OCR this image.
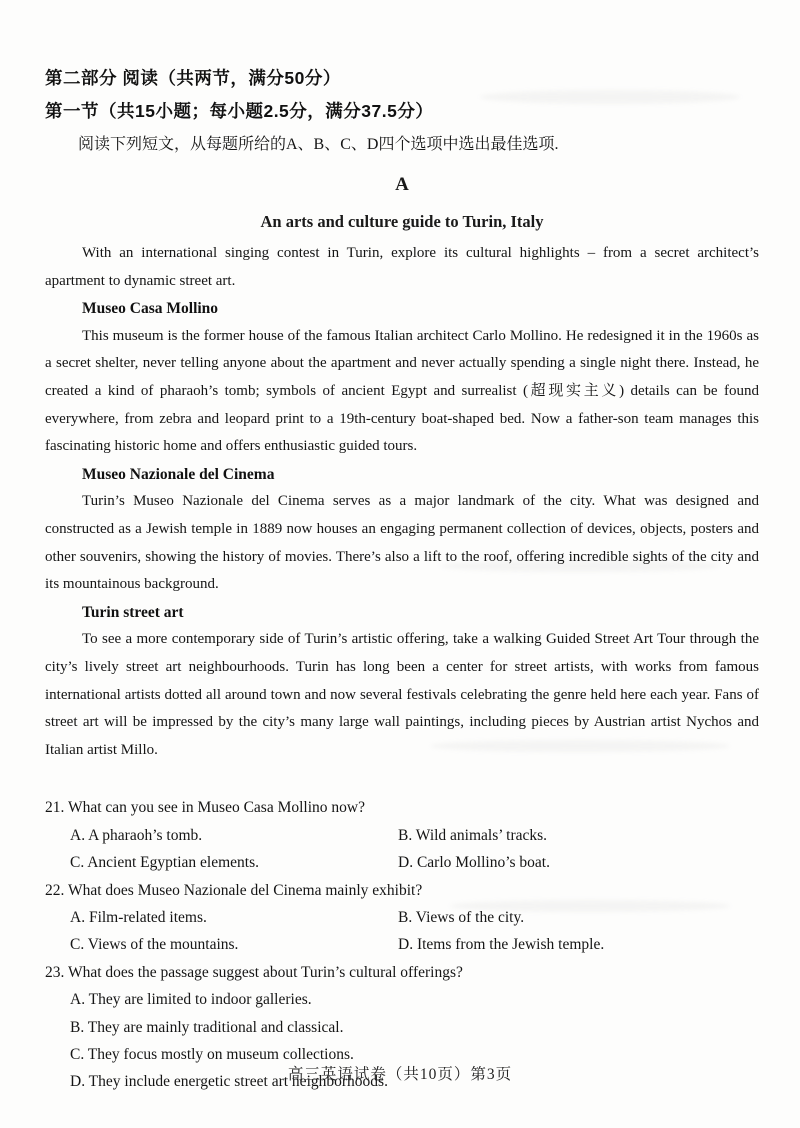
第二部分 阅读（共两节，满分50分）
第一节（共15小题；每小题2.5分，满分37.5分）
阅读下列短文，从每题所给的A、B、C、D四个选项中选出最佳选项.
A
An arts and culture guide to Turin, Italy
With an international singing contest in Turin, explore its cultural highlights – from a secret architect’s apartment to dynamic street art.
Museo Casa Mollino
This museum is the former house of the famous Italian architect Carlo Mollino. He redesigned it in the 1960s as a secret shelter, never telling anyone about the apartment and never actually spending a single night there. Instead, he created a kind of pharaoh’s tomb; symbols of ancient Egypt and surrealist (超现实主义) details can be found everywhere, from zebra and leopard print to a 19th-century boat-shaped bed. Now a father-son team manages this fascinating historic home and offers enthusiastic guided tours.
Museo Nazionale del Cinema
Turin’s Museo Nazionale del Cinema serves as a major landmark of the city. What was designed and constructed as a Jewish temple in 1889 now houses an engaging permanent collection of devices, objects, posters and other souvenirs, showing the history of movies. There’s also a lift to the roof, offering incredible sights of the city and its mountainous background.
Turin street art
To see a more contemporary side of Turin’s artistic offering, take a walking Guided Street Art Tour through the city’s lively street art neighbourhoods. Turin has long been a center for street artists, with works from famous international artists dotted all around town and now several festivals celebrating the genre held here each year. Fans of street art will be impressed by the city’s many large wall paintings, including pieces by Austrian artist Nychos and Italian artist Millo.
21. What can you see in Museo Casa Mollino now?
A. A pharaoh’s tomb.	B. Wild animals’ tracks.
C. Ancient Egyptian elements.	D. Carlo Mollino’s boat.
22. What does Museo Nazionale del Cinema mainly exhibit?
A. Film-related items.	B. Views of the city.
C. Views of the mountains.	D. Items from the Jewish temple.
23. What does the passage suggest about Turin’s cultural offerings?
A. They are limited to indoor galleries.
B. They are mainly traditional and classical.
C. They focus mostly on museum collections.
D. They include energetic street art neighborhoods.
高三英语试卷（共10页）第3页
